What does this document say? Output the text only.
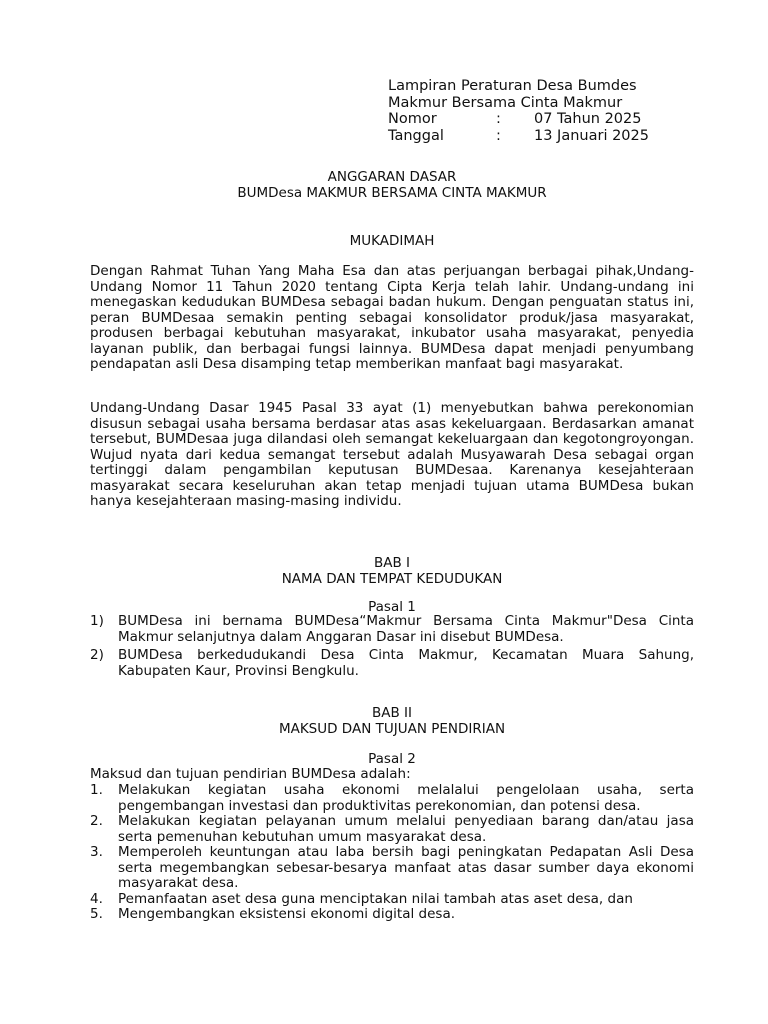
Lampiran Peraturan Desa Bumdes
Makmur Bersama Cinta Makmur
Nomor	: 07 Tahun 2025
Tanggal	: 13 Januari 2025
ANGGARAN DASAR
BUMDesa MAKMUR BERSAMA CINTA MAKMUR
MUKADIMAH

Dengan Rahmat Tuhan Yang Maha Esa dan atas perjuangan berbagai pihak,Undang-Undang Nomor 11 Tahun 2020 tentang Cipta Kerja telah lahir. Undang-undang ini menegaskan kedudukan BUMDesa sebagai badan hukum. Dengan penguatan status ini, peran BUMDesaa semakin penting sebagai konsolidator produk/jasa masyarakat, produsen berbagai kebutuhan masyarakat, inkubator usaha masyarakat, penyedia layanan publik, dan berbagai fungsi lainnya. BUMDesa dapat menjadi penyumbang pendapatan asli Desa disamping tetap memberikan manfaat bagi masyarakat.

Undang-Undang Dasar 1945 Pasal 33 ayat (1) menyebutkan bahwa perekonomian disusun sebagai usaha bersama berdasar atas asas kekeluargaan. Berdasarkan amanat tersebut, BUMDesaa juga dilandasi oleh semangat kekeluargaan dan kegotongroyongan. Wujud nyata dari kedua semangat tersebut adalah Musyawarah Desa sebagai organ tertinggi dalam pengambilan keputusan BUMDesaa. Karenanya kesejahteraan masyarakat secara keseluruhan akan tetap menjadi tujuan utama BUMDesa bukan hanya kesejahteraan masing-masing individu.

BAB I
NAMA DAN TEMPAT KEDUDUKAN
Pasal 1
1) BUMDesa ini bernama BUMDesa“Makmur Bersama Cinta Makmur"Desa Cinta Makmur selanjutnya dalam Anggaran Dasar ini disebut BUMDesa.
2) BUMDesa berkedudukandi Desa Cinta Makmur, Kecamatan Muara Sahung, Kabupaten Kaur, Provinsi Bengkulu.
BAB II
MAKSUD DAN TUJUAN PENDIRIAN
Pasal 2
Maksud dan tujuan pendirian BUMDesa adalah:
1. Melakukan kegiatan usaha ekonomi melalalui pengelolaan usaha, serta pengembangan investasi dan produktivitas perekonomian, dan potensi desa.
2. Melakukan kegiatan pelayanan umum melalui penyediaan barang dan/atau jasa serta pemenuhan kebutuhan umum masyarakat desa.
3. Memperoleh keuntungan atau laba bersih bagi peningkatan Pedapatan Asli Desa serta megembangkan sebesar-besarya manfaat atas dasar sumber daya ekonomi masyarakat desa.
4. Pemanfaatan aset desa guna menciptakan nilai tambah atas aset desa, dan
5. Mengembangkan eksistensi ekonomi digital desa.
